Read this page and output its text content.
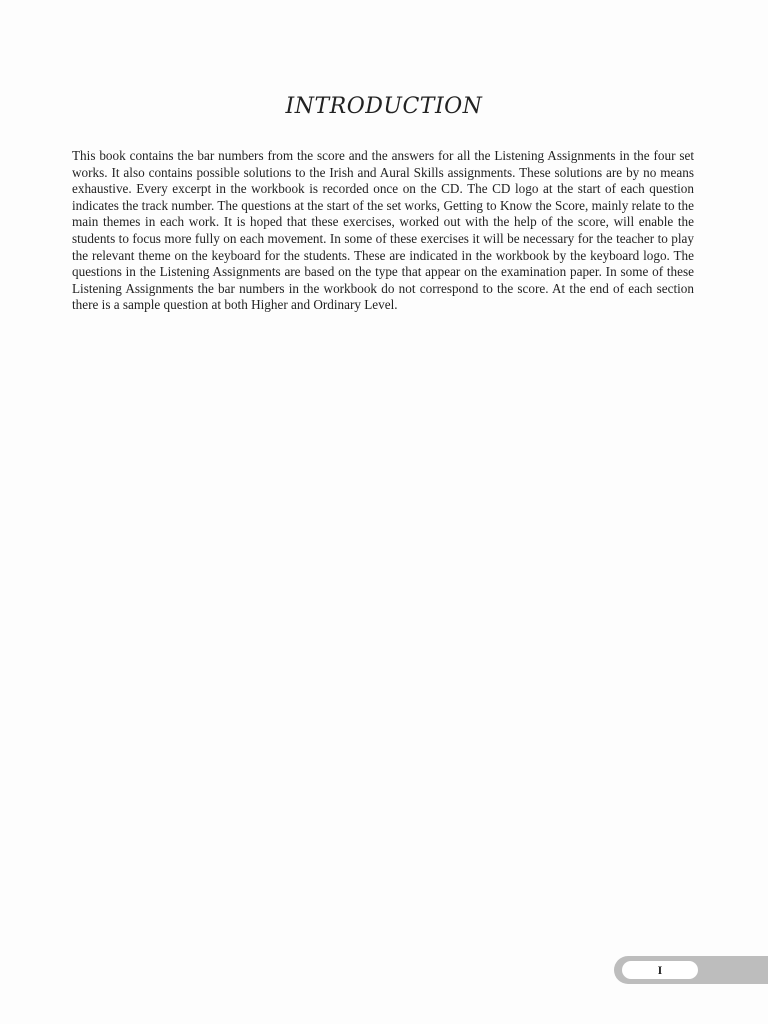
INTRODUCTION

This book contains the bar numbers from the score and the answers for all the Listening Assignments in the four set works. It also contains possible solutions to the Irish and Aural Skills assignments. These solutions are by no means exhaustive. Every excerpt in the workbook is recorded once on the CD. The CD logo at the start of each question indicates the track number. The questions at the start of the set works, Getting to Know the Score, mainly relate to the main themes in each work. It is hoped that these exercises, worked out with the help of the score, will enable the students to focus more fully on each movement. In some of these exercises it will be necessary for the teacher to play the relevant theme on the keyboard for the students. These are indicated in the workbook by the keyboard logo. The questions in the Listening Assignments are based on the type that appear on the examination paper. In some of these Listening Assignments the bar numbers in the workbook do not correspond to the score. At the end of each section there is a sample question at both Higher and Ordinary Level.

I
